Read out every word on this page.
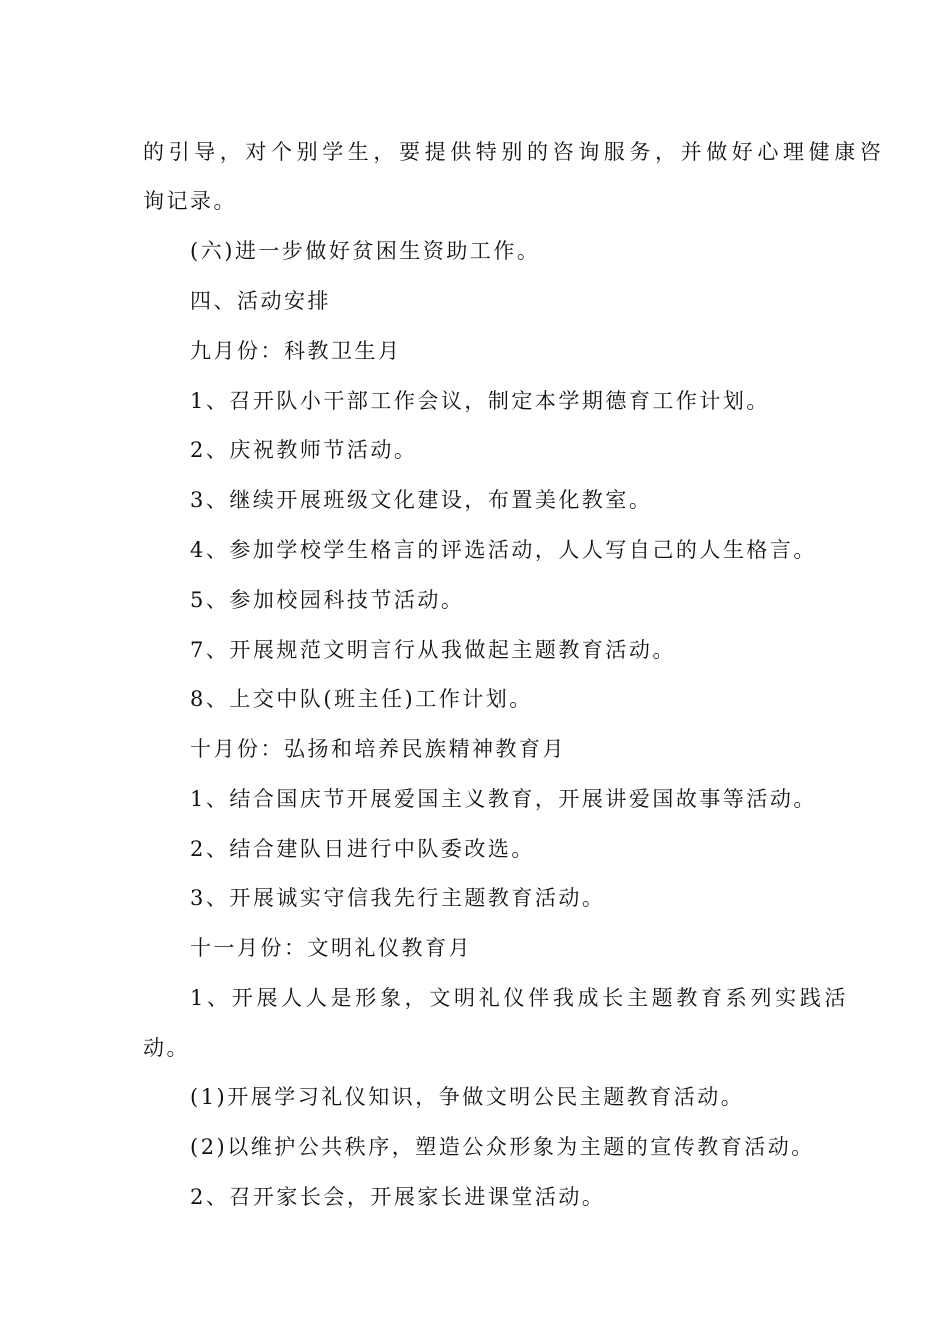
的引导，对个别学生，要提供特别的咨询服务，并做好心理健康咨

询记录。

(六)进一步做好贫困生资助工作。

四、活动安排

九月份：科教卫生月

1、召开队小干部工作会议，制定本学期德育工作计划。

2、庆祝教师节活动。

3、继续开展班级文化建设，布置美化教室。

4、参加学校学生格言的评选活动，人人写自己的人生格言。

5、参加校园科技节活动。

7、开展规范文明言行从我做起主题教育活动。

8、上交中队(班主任)工作计划。

十月份：弘扬和培养民族精神教育月

1、结合国庆节开展爱国主义教育，开展讲爱国故事等活动。

2、结合建队日进行中队委改选。

3、开展诚实守信我先行主题教育活动。

十一月份：文明礼仪教育月

1、开展人人是形象，文明礼仪伴我成长主题教育系列实践活

动。

(1)开展学习礼仪知识，争做文明公民主题教育活动。

(2)以维护公共秩序，塑造公众形象为主题的宣传教育活动。

2、召开家长会，开展家长进课堂活动。
